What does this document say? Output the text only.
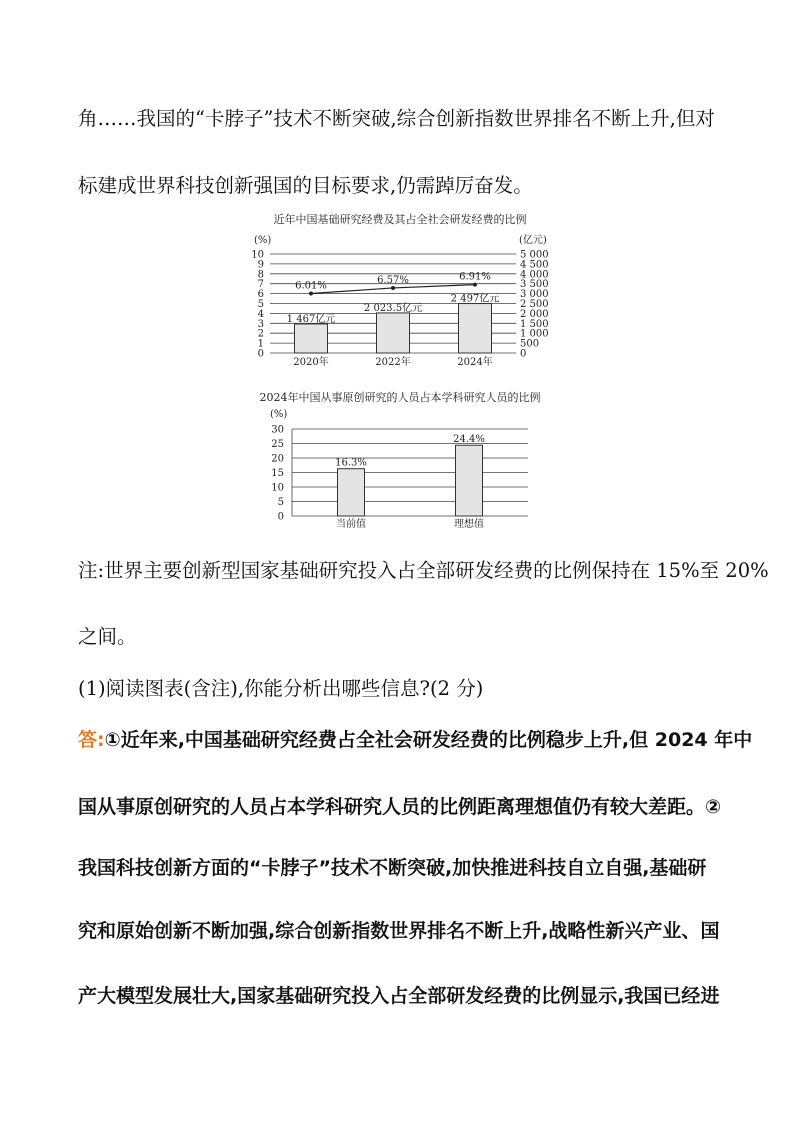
角……我国的“卡脖子”技术不断突破,综合创新指数世界排名不断上升,但对
标建成世界科技创新强国的目标要求,仍需踔厉奋发。
近年中国基础研究经费及其占全社会研发经费的比例
(%)	(亿元)
0
1
2
3
4
5
6
7
8
9
10
0
500
1 000
1 500
2 000
2 500
3 000
3 500
4 000
4 500
5 000
1 467亿元
2020年
6.01%
2 023.5亿元
2022年
6.57%
2 497亿元
2024年
6.91%
2024年中国从事原创研究的人员占本学科研究人员的比例
(%)
0
5
10
15
20
25
30
16.3%
当前值
24.4%
理想值
注:世界主要创新型国家基础研究投入占全部研发经费的比例保持在 15%至 20%
之间。
(1)阅读图表(含注),你能分析出哪些信息?(2 分)
答:①近年来,中国基础研究经费占全社会研发经费的比例稳步上升,但 2024 年中
国从事原创研究的人员占本学科研究人员的比例距离理想值仍有较大差距。②
我国科技创新方面的“卡脖子”技术不断突破,加快推进科技自立自强,基础研
究和原始创新不断加强,综合创新指数世界排名不断上升,战略性新兴产业、国
产大模型发展壮大,国家基础研究投入占全部研发经费的比例显示,我国已经进
